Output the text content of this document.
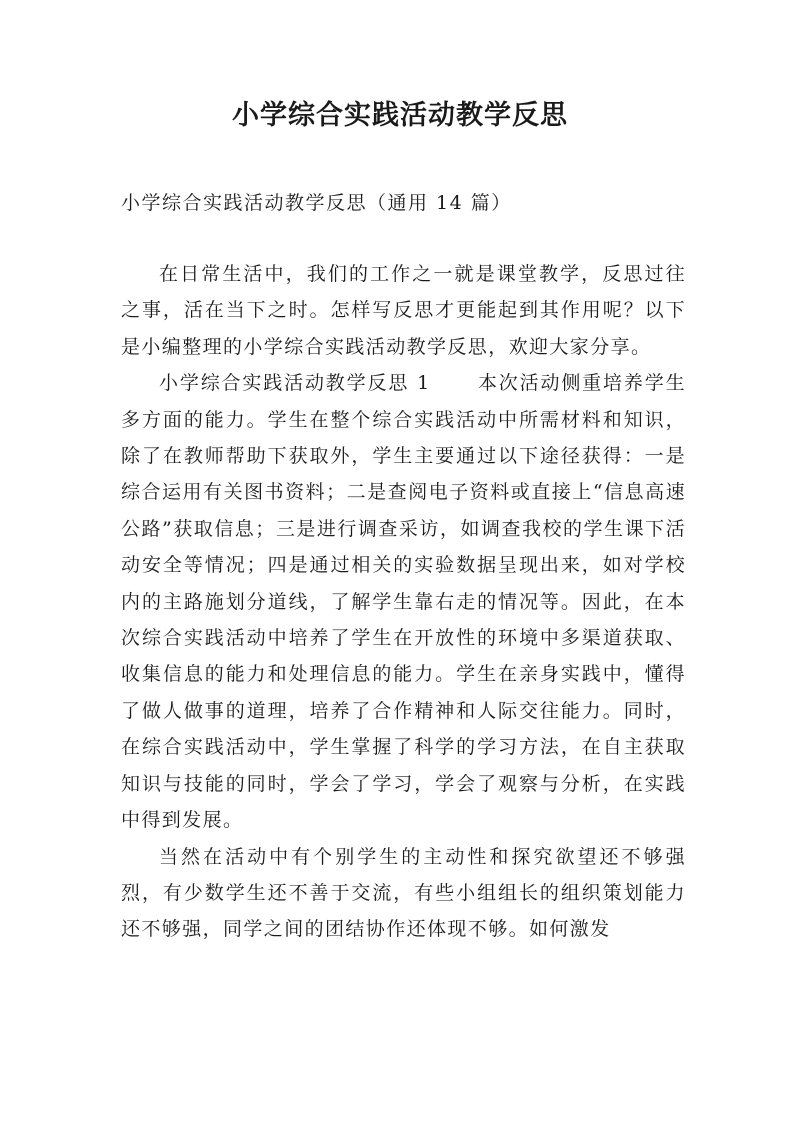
小学综合实践活动教学反思
小学综合实践活动教学反思（通用 14 篇）

在日常生活中，我们的工作之一就是课堂教学，反思过往之事，活在当下之时。怎样写反思才更能起到其作用呢？以下是小编整理的小学综合实践活动教学反思，欢迎大家分享。

小学综合实践活动教学反思 1 本次活动侧重培养学生多方面的能力。学生在整个综合实践活动中所需材料和知识，除了在教师帮助下获取外，学生主要通过以下途径获得：一是综合运用有关图书资料；二是查阅电子资料或直接上“信息高速公路”获取信息；三是进行调查采访，如调查我校的学生课下活动安全等情况；四是通过相关的实验数据呈现出来，如对学校内的主路施划分道线，了解学生靠右走的情况等。因此，在本次综合实践活动中培养了学生在开放性的环境中多渠道获取、收集信息的能力和处理信息的能力。学生在亲身实践中，懂得了做人做事的道理，培养了合作精神和人际交往能力。同时，在综合实践活动中，学生掌握了科学的学习方法，在自主获取知识与技能的同时，学会了学习，学会了观察与分析，在实践中得到发展。

当然在活动中有个别学生的主动性和探究欲望还不够强烈，有少数学生还不善于交流，有些小组组长的组织策划能力还不够强，同学之间的团结协作还体现不够。如何激发
